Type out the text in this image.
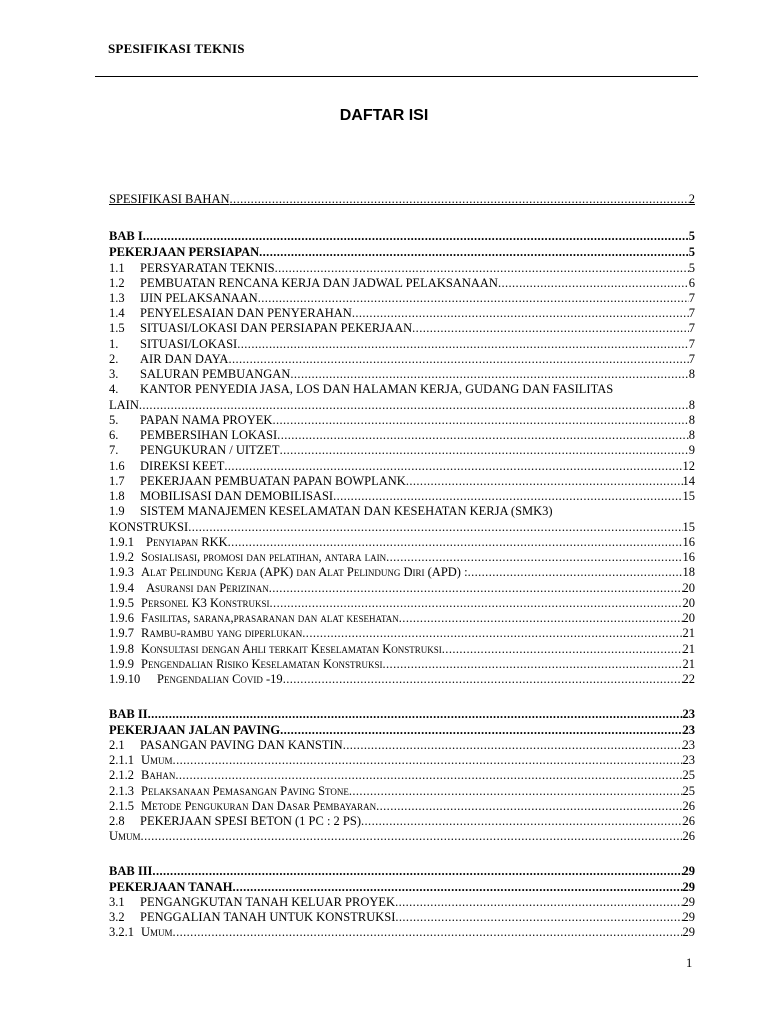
SPESIFIKASI TEKNIS
DAFTAR ISI
SPESIFIKASI BAHAN .....	2
BAB I .....	5
PEKERJAAN PERSIAPAN .....	5
1.1 PERSYARATAN TEKNIS .....	5
1.2 PEMBUATAN RENCANA KERJA DAN JADWAL PELAKSANAAN .....	6
1.3 IJIN PELAKSANAAN .....	7
1.4 PENYELESAIAN DAN PENYERAHAN .....	7
1.5 SITUASI/LOKASI DAN PERSIAPAN PEKERJAAN .....	7
1. SITUASI/LOKASI .....	7
2. AIR DAN DAYA .....	7
3. SALURAN PEMBUANGAN .....	8
4. KANTOR PENYEDIA JASA, LOS DAN HALAMAN KERJA, GUDANG DAN FASILITAS
LAIN .....	8
5. PAPAN NAMA PROYEK .....	8
6. PEMBERSIHAN LOKASI .....	8
7. PENGUKURAN / UITZET .....	9
1.6 DIREKSI KEET .....	12
1.7 PEKERJAAN PEMBUATAN PAPAN BOWPLANK .....	14
1.8 MOBILISASI DAN DEMOBILISASI .....	15
1.9 SISTEM MANAJEMEN KESELAMATAN DAN KESEHATAN KERJA (SMK3)
KONSTRUKSI .....	15
1.9.1 Penyiapan RKK .....	16
1.9.2 Sosialisasi, promosi dan pelatihan, antara lain .....	16
1.9.3 Alat Pelindung Kerja (APK) dan Alat Pelindung Diri (APD) : .....	18
1.9.4 Asuransi dan Perizinan .....	20
1.9.5 Personel K3 Konstruksi .....	20
1.9.6 Fasilitas, sarana,prasaranan dan alat kesehatan .....	20
1.9.7 Rambu-rambu yang diperlukan .....	21
1.9.8 Konsultasi dengan Ahli terkait Keselamatan Konstruksi .....	21
1.9.9 Pengendalian Risiko Keselamatan Konstruksi .....	21
1.9.10 Pengendalian Covid -19 .....	22
BAB II .....	23
PEKERJAAN JALAN PAVING .....	23
2.1 PASANGAN PAVING DAN KANSTIN .....	23
2.1.1 Umum .....	23
2.1.2 Bahan .....	25
2.1.3 Pelaksanaan Pemasangan Paving Stone .....	25
2.1.5 Metode Pengukuran Dan Dasar Pembayaran .....	26
2.8 PEKERJAAN SPESI BETON (1 PC : 2 PS) .....	26
Umum .....	26
BAB III .....	29
PEKERJAAN TANAH .....	29
3.1 PENGANGKUTAN TANAH KELUAR PROYEK .....	29
3.2 PENGGALIAN TANAH UNTUK KONSTRUKSI .....	29
3.2.1 Umum .....	29
1
